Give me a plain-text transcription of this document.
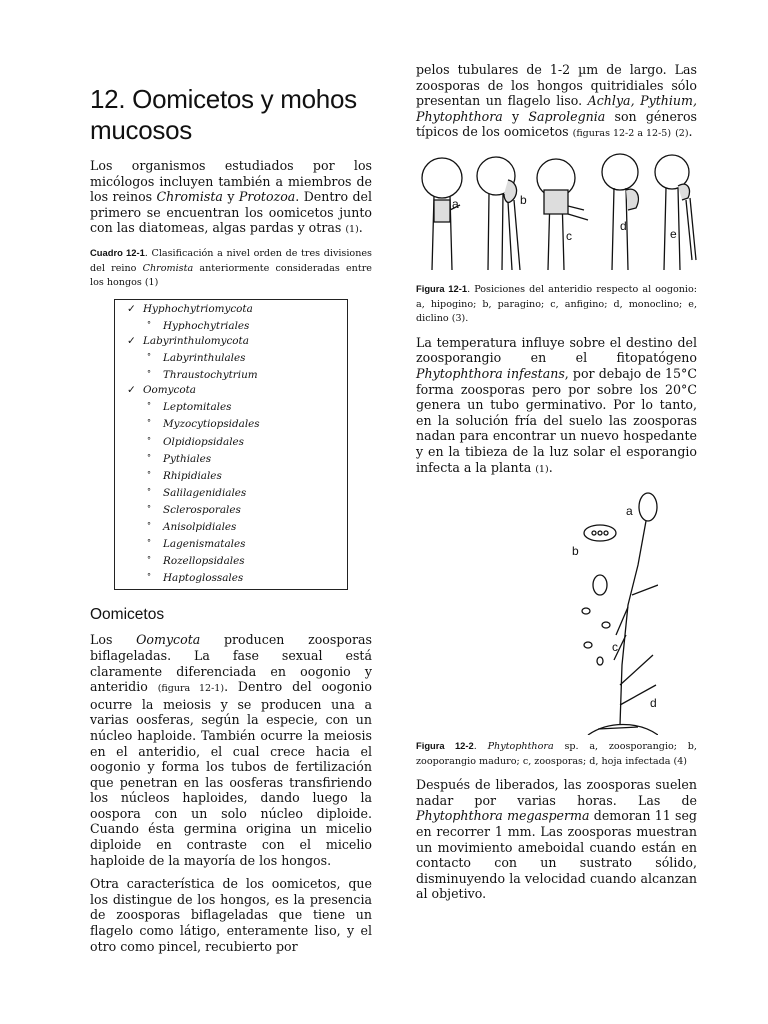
12. Oomicetos y mohos mucosos

Los organismos estudiados por los micólogos incluyen también a miembros de los reinos Chromista y Protozoa. Dentro del primero se encuentran los oomicetos junto con las diatomeas, algas pardas y otras (1).

Cuadro 12-1. Clasificación a nivel orden de tres divisiones del reino Chromista anteriormente consideradas entre los hongos (1)

✓ Hyphochytriomycota
° Hyphochytriales
✓ Labyrinthulomycota
° Labyrinthulales
° Thraustochytrium
✓ Oomycota
° Leptomitales
° Myzocytiopsidales
° Olpidiopsidales
° Pythiales
° Rhipidiales
° Salilagenidiales
° Sclerosporales
° Anisolpidiales
° Lagenismatales
° Rozellopsidales
° Haptoglossales
Oomicetos

Los Oomycota producen zoosporas biflageladas. La fase sexual está claramente diferenciada en oogonio y anteridio (figura 12-1). Dentro del oogonio ocurre la meiosis y se producen una a varias oosferas, según la especie, con un núcleo haploide. También ocurre la meiosis en el anteridio, el cual crece hacia el oogonio y forma los tubos de fertilización que penetran en las oosferas transfiriendo los núcleos haploides, dando luego la oospora con un solo núcleo diploide. Cuando ésta germina origina un micelio diploide en contraste con el micelio haploide de la mayoría de los hongos.

Otra característica de los oomicetos, que los distingue de los hongos, es la presencia de zoosporas biflageladas que tiene un flagelo como látigo, enteramente liso, y el otro como pincel, recubierto por

pelos tubulares de 1-2 µm de largo. Las zoosporas de los hongos quitridiales sólo presentan un flagelo liso. Achlya, Pythium, Phytophthora y Saprolegnia son géneros típicos de los oomicetos (figuras 12-2 a 12-5) (2).

a	b
c
d
e

Figura 12-1. Posiciones del anteridio respecto al oogonio: a, hipogino; b, paragino; c, anfigino; d, monoclino; e, diclino (3).

La temperatura influye sobre el destino del zoosporangio en el fitopatógeno Phytophthora infestans, por debajo de 15°C forma zoosporas pero por sobre los 20°C genera un tubo germinativo. Por lo tanto, en la solución fría del suelo las zoosporas nadan para encontrar un nuevo hospedante y en la tibieza de la luz solar el esporangio infecta a la planta (1).

a
b
c
d

Figura 12-2. Phytophthora sp. a, zoosporangio; b, zooporangio maduro; c, zoosporas; d, hoja infectada (4)

Después de liberados, las zoosporas suelen nadar por varias horas. Las de Phytophthora megasperma demoran 11 seg en recorrer 1 mm. Las zoosporas muestran un movimiento ameboidal cuando están en contacto con un sustrato sólido, disminuyendo la velocidad cuando alcanzan al objetivo.
